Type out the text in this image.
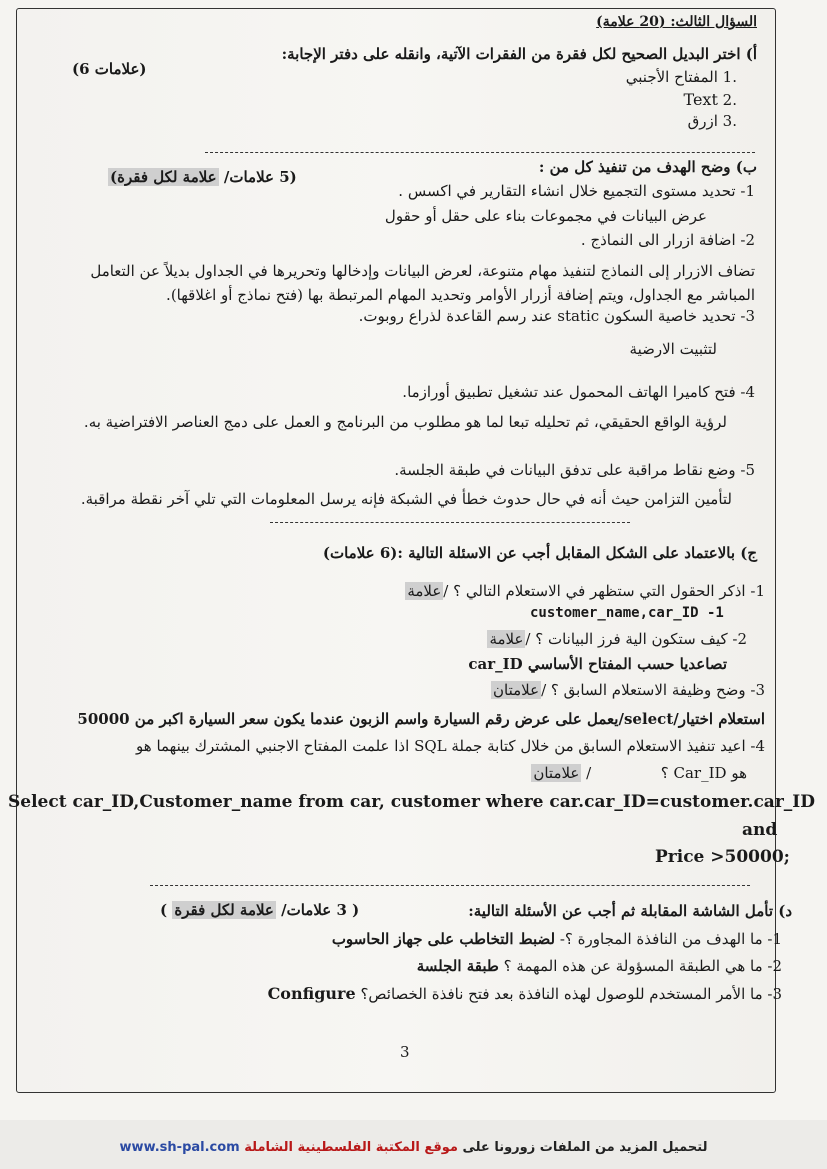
السؤال الثالث: (20 علامة)
أ) اختر البديل الصحيح لكل فقرة من الفقرات الآتية، وانقله على دفتر الإجابة:
(6 علامات)	.1 المفتاح الأجنبي
.2 Text
.3 ازرق
ب) وضح الهدف من تنفيذ كل من :
(5 علامات/ علامة لكل فقرة)
1- تحديد مستوى التجميع خلال انشاء التقارير في اكسس .
عرض البيانات في مجموعات بناء على حقل أو حقول
2- اضافة ازرار الى النماذج .
تضاف الازرار إلى النماذج لتنفيذ مهام متنوعة، لعرض البيانات وإدخالها وتحريرها في الجداول بديلاً عن التعامل
المباشر مع الجداول، ويتم إضافة أزرار الأوامر وتحديد المهام المرتبطة بها (فتح نماذج أو اغلاقها).
3- تحديد خاصية السكون static عند رسم القاعدة لذراع روبوت.
لتثبيت الارضية
4- فتح كاميرا الهاتف المحمول عند تشغيل تطبيق أورازما.
لرؤية الواقع الحقيقي، ثم تحليله تبعا لما هو مطلوب من البرنامج و العمل على دمج العناصر الافتراضية به.
5- وضع نقاط مراقبة على تدفق البيانات في طبقة الجلسة.
لتأمين التزامن حيث أنه في حال حدوث خطأ في الشبكة فإنه يرسل المعلومات التي تلي آخر نقطة مراقبة.
ج) بالاعتماد على الشكل المقابل أجب عن الاسئلة التالية :(6 علامات)
1- اذكر الحقول التي ستظهر في الاستعلام التالي ؟ /علامة
customer_name,car_ID -1
2- كيف ستكون الية فرز البيانات ؟ /علامة
تصاعديا حسب المفتاح الأساسي car_ID
3- وضح وظيفة الاستعلام السابق ؟ /علامتان
استعلام اختيار/select/يعمل على عرض رقم السيارة واسم الزبون عندما يكون سعر السيارة اكبر من 50000
4- اعيد تنفيذ الاستعلام السابق من خلال كتابة جملة SQL اذا علمت المفتاح الاجنبي المشترك بينهما هو
هو Car_ID ؟  / علامتان
Select car_ID,Customer_name from car, customer where car.car_ID=customer.car_ID
and
Price >50000;
د) تأمل الشاشة المقابلة ثم أجب عن الأسئلة التالية:
( 3 علامات/ علامة لكل فقرة )
1- ما الهدف من النافذة المجاورة ؟- لضبط التخاطب على جهاز الحاسوب
2- ما هي الطبقة المسؤولة عن هذه المهمة ؟ طبقة الجلسة
3- ما الأمر المستخدم للوصول لهذه النافذة بعد فتح نافذة الخصائص؟ Configure
3
لتحميل المزيد من الملفات زورونا على موقع المكتبة الفلسطينية الشاملة www.sh-pal.com
